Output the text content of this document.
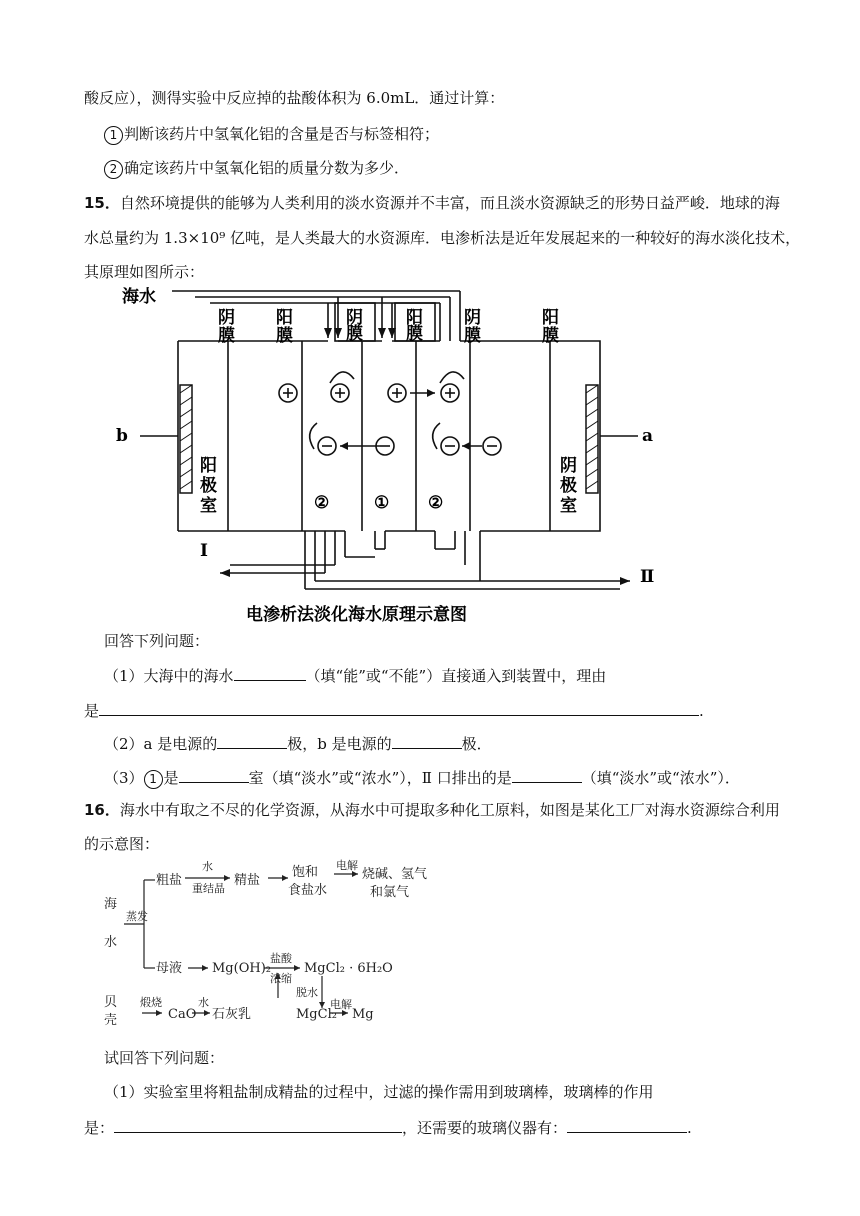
酸反应），测得实验中反应掉的盐酸体积为 6.0mL．通过计算：
1 判断该药片中氢氧化铝的含量是否与标签相符；
2 确定该药片中氢氧化铝的质量分数为多少．
15．自然环境提供的能够为人类利用的淡水资源并不丰富，而且淡水资源缺乏的形势日益严峻．地球的海
水总量约为 1.3×10⁹ 亿吨，是人类最大的水资源库．电渗析法是近年发展起来的一种较好的海水淡化技术，
其原理如图所示：
海水
b	a
阴
膜
阳
膜
阴
膜
阳
膜
阴
膜
阳
膜
阳
极
室
阴
极
室
②	① ②
I
Ⅱ
电渗析法淡化海水原理示意图
回答下列问题：
（1）大海中的海水	（填“能”或“不能”）直接通入到装置中，理由
是	.
（2）a 是电源的	极，b 是电源的	极．
（3） 1 是	室（填“淡水”或“浓水”），Ⅱ 口排出的是	（填“淡水”或“浓水”）．
16．海水中有取之不尽的化学资源，从海水中可提取多种化工原料，如图是某化工厂对海水资源综合利用
的示意图：
海
水
蒸发
粗盐
水
重结晶
精盐
饱和
食盐水
电解
烧碱、氢气
和氯气
母液 Mg(OH)₂
盐酸
浓缩
MgCl₂ · 6H₂O
脱水
MgCl₂
电解
Mg
贝
壳
煅烧
CaO
水
石灰乳
试回答下列问题：
（1）实验室里将粗盐制成精盐的过程中，过滤的操作需用到玻璃棒，玻璃棒的作用
是：	，还需要的玻璃仪器有：	.
